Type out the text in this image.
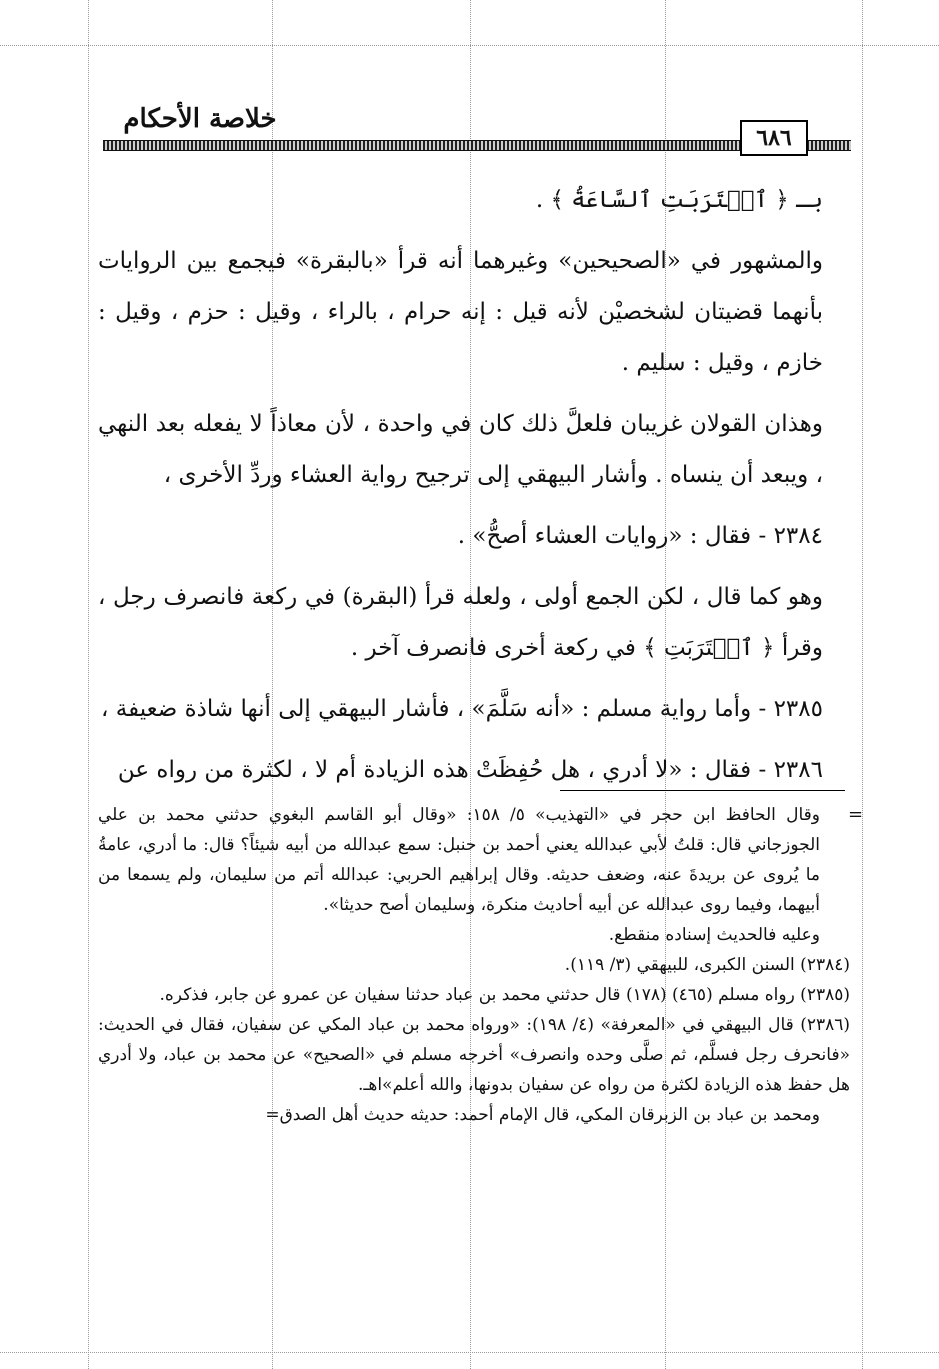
خلاصة الأحكام
٦٨٦

بـ ﴿ ٱقۡتَرَبَتِ ٱلسَّاعَةُ ﴾ .

والمشهور في «الصحيحين» وغيرهما أنه قرأ «بالبقرة» فيجمع بين الروايات بأنهما قضيتان لشخصيْن لأنه قيل : إنه حرام ، بالراء ، وقيل : حزم ، وقيل : خازم ، وقيل : سليم .

وهذان القولان غريبان فلعلَّ ذلك كان في واحدة ، لأن معاذاً لا يفعله بعد النهي ، ويبعد أن ينساه . وأشار البيهقي إلى ترجيح رواية العشاء وردِّ الأخرى ،

٢٣٨٤ - فقال : «روايات العشاء أصحُّ» .

وهو كما قال ، لكن الجمع أولى ، ولعله قرأ (البقرة) في ركعة فانصرف رجل ، وقرأ ﴿ ٱقۡتَرَبَتِ ﴾ في ركعة أخرى فانصرف آخر .

٢٣٨٥ - وأما رواية مسلم : «أنه سَلَّمَ» ، فأشار البيهقي إلى أنها شاذة ضعيفة ،

٢٣٨٦ - فقال : «لا أدري ، هل حُفِظَتْ هذه الزيادة أم لا ، لكثرة من رواه عن

=

وقال الحافظ ابن حجر في «التهذيب» ٥/ ١٥٨: «وقال أبو القاسم البغوي حدثني محمد بن علي الجوزجاني قال: قلتُ لأبي عبدالله يعني أحمد بن حنبل: سمع عبدالله من أبيه شيئاً؟ قال: ما أدري، عامةُ ما يُروى عن بريدةَ عنه، وضعف حديثه. وقال إبراهيم الحربي: عبدالله أتم من سليمان، ولم يسمعا من أبيهما، وفيما روى عبدالله عن أبيه أحاديث منكرة، وسليمان أصح حديثا».

وعليه فالحديث إسناده منقطع.

(٢٣٨٤) السنن الكبرى، للبيهقي (٣/ ١١٩).

(٢٣٨٥) رواه مسلم (٤٦٥) (١٧٨) قال حدثني محمد بن عباد حدثنا سفيان عن عمرو عن جابر، فذكره.

(٢٣٨٦) قال البيهقي في «المعرفة» (٤/ ١٩٨): «ورواه محمد بن عباد المكي عن سفيان، فقال في الحديث: «فانحرف رجل فسلَّم، ثم صلَّى وحده وانصرف» أخرجه مسلم في «الصحيح» عن محمد بن عباد، ولا أدري هل حفظ هذه الزيادة لكثرة من رواه عن سفيان بدونها، والله أعلم»اهـ.

ومحمد بن عباد بن الزبرقان المكي، قال الإمام أحمد: حديثه حديث أهل الصدق=
